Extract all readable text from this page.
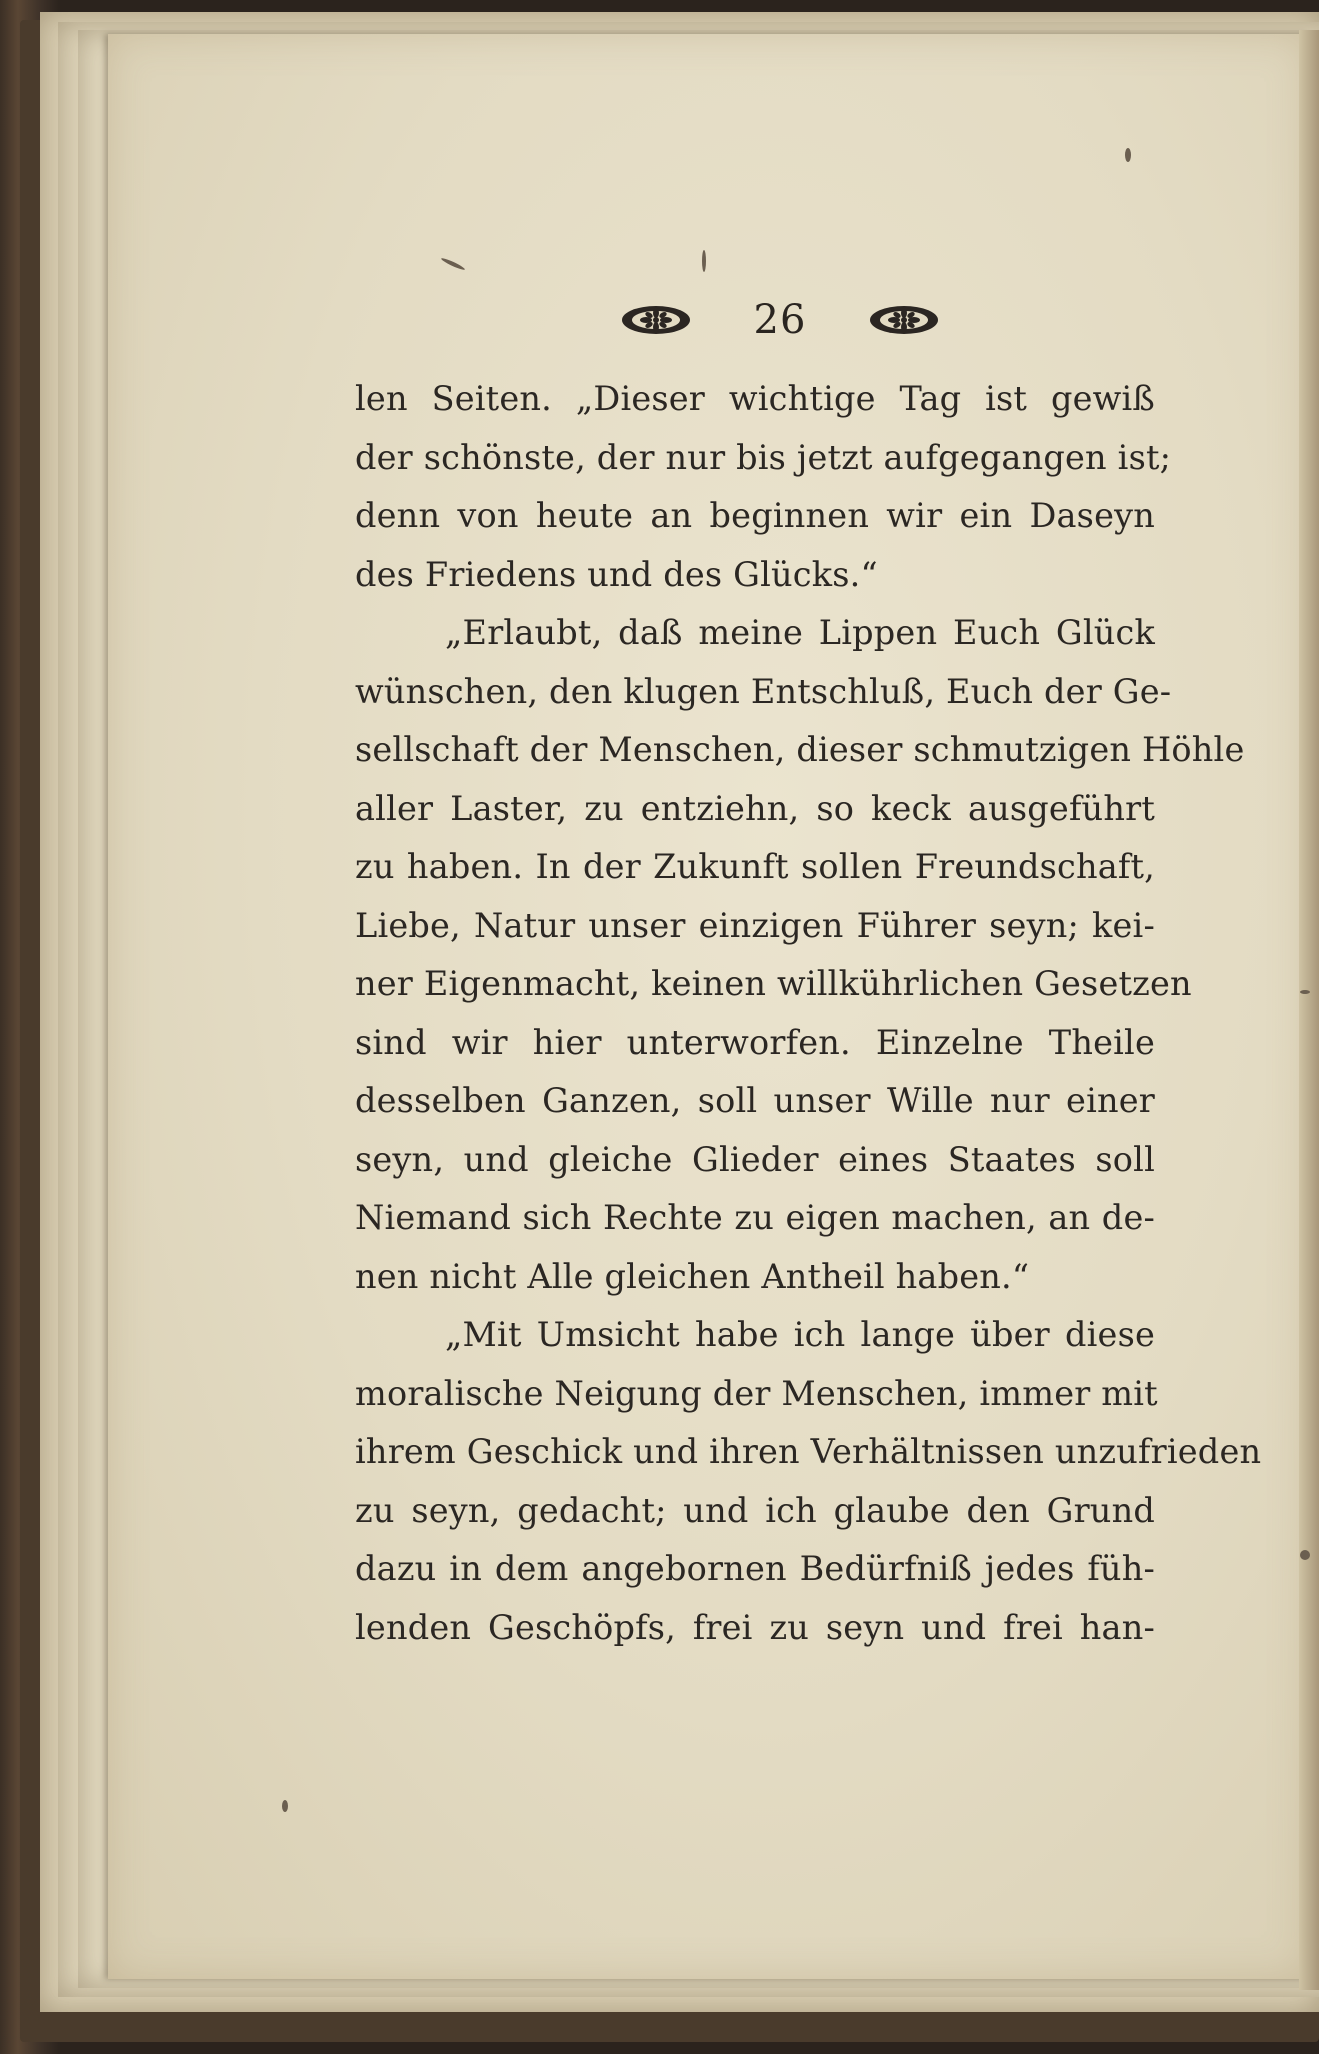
26
len Seiten. „Dieser wichtige Tag ist gewiß
der schönste, der nur bis jetzt aufgegangen ist;
denn von heute an beginnen wir ein Daseyn
des Friedens und des Glücks.“
„Erlaubt, daß meine Lippen Euch Glück
wünschen, den klugen Entschluß, Euch der Ge-
sellschaft der Menschen, dieser schmutzigen Höhle
aller Laster, zu entziehn, so keck ausgeführt
zu haben. In der Zukunft sollen Freundschaft,
Liebe, Natur unser einzigen Führer seyn; kei-
ner Eigenmacht, keinen willkührlichen Gesetzen
sind wir hier unterworfen. Einzelne Theile
desselben Ganzen, soll unser Wille nur einer
seyn, und gleiche Glieder eines Staates soll
Niemand sich Rechte zu eigen machen, an de-
nen nicht Alle gleichen Antheil haben.“
„Mit Umsicht habe ich lange über diese
moralische Neigung der Menschen, immer mit
ihrem Geschick und ihren Verhältnissen unzufrieden
zu seyn, gedacht; und ich glaube den Grund
dazu in dem angebornen Bedürfniß jedes füh-
lenden Geschöpfs, frei zu seyn und frei han-
